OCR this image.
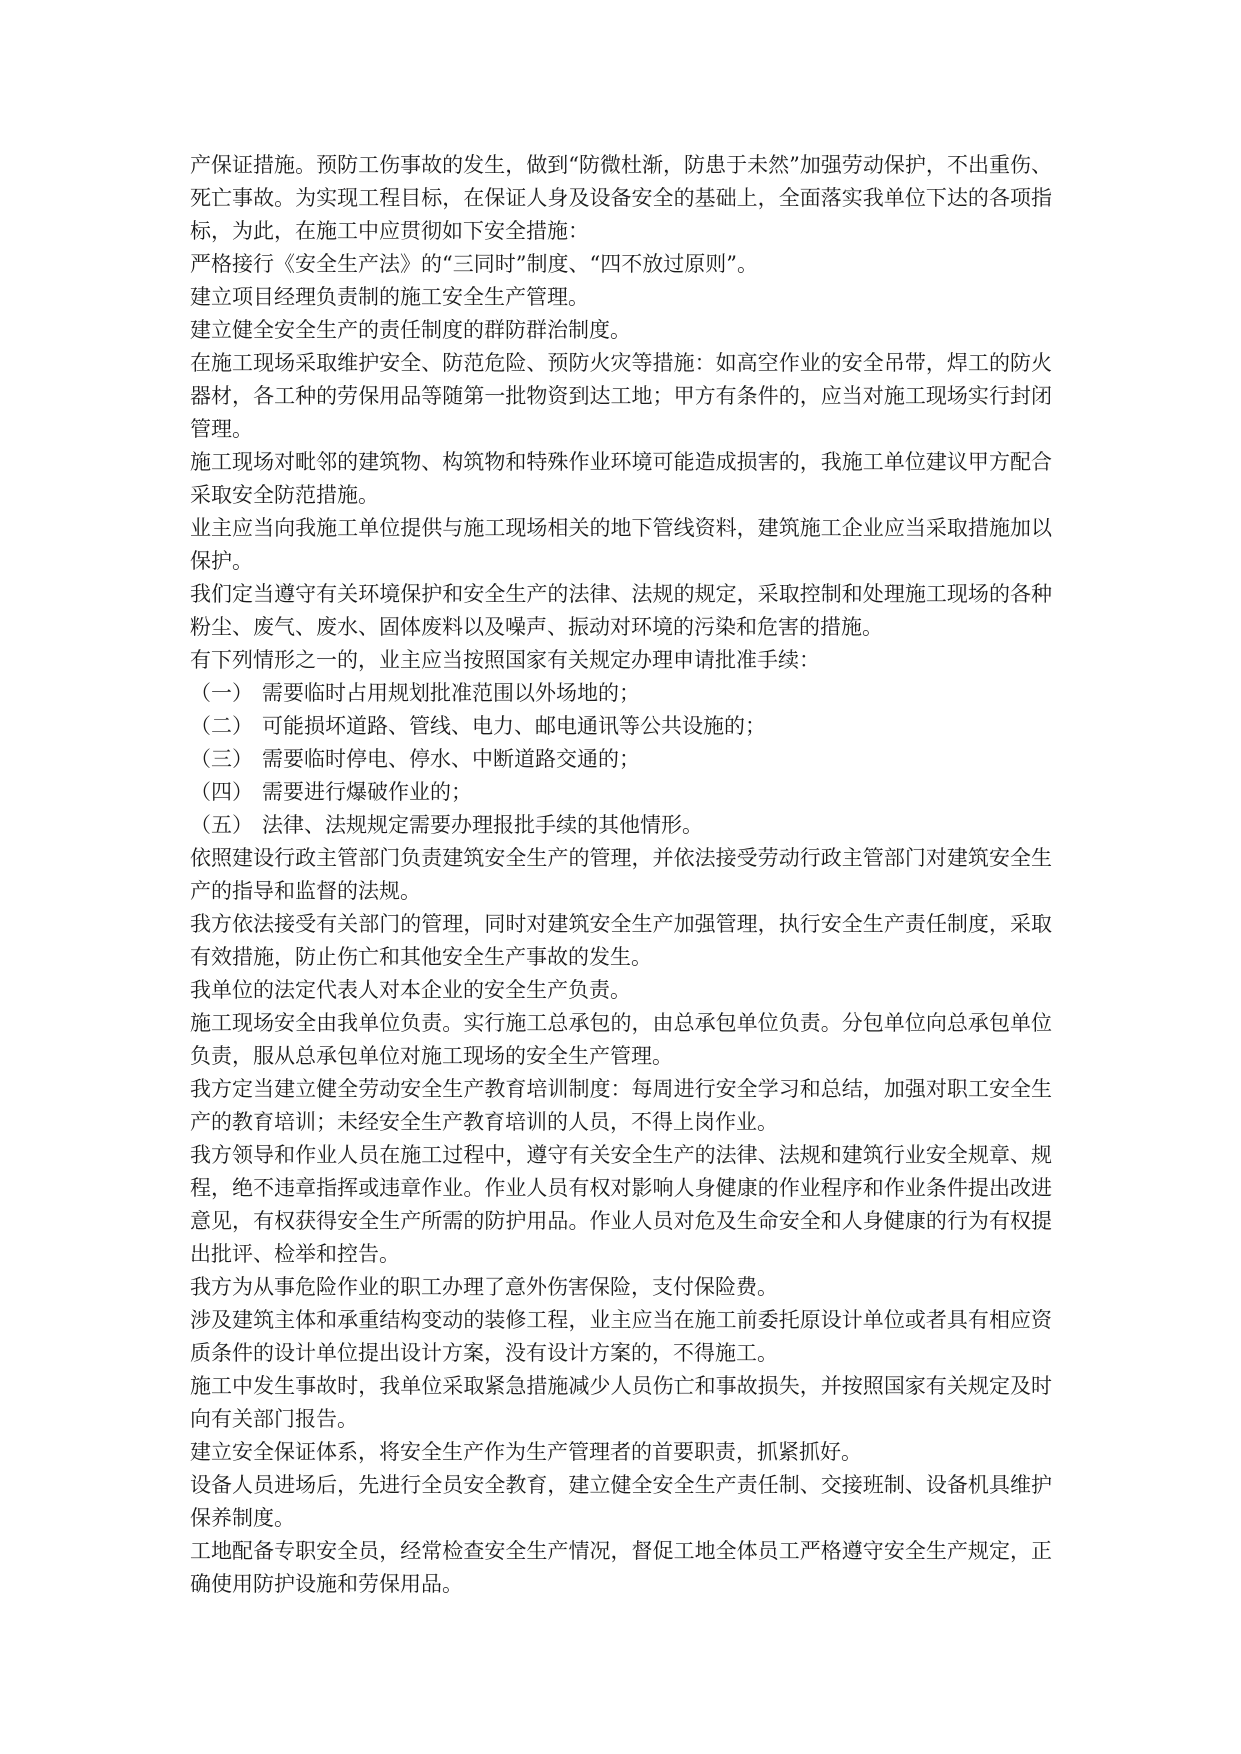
产保证措施。预防工伤事故的发生，做到“防微杜渐，防患于未然”加强劳动保护，不出重伤、死亡事故。为实现工程目标，在保证人身及设备安全的基础上，全面落实我单位下达的各项指标，为此，在施工中应贯彻如下安全措施：

严格接行《安全生产法》的“三同时”制度、“四不放过原则”。

建立项目经理负责制的施工安全生产管理。

建立健全安全生产的责任制度的群防群治制度。

在施工现场采取维护安全、防范危险、预防火灾等措施：如高空作业的安全吊带，焊工的防火器材，各工种的劳保用品等随第一批物资到达工地；甲方有条件的，应当对施工现场实行封闭管理。

施工现场对毗邻的建筑物、构筑物和特殊作业环境可能造成损害的，我施工单位建议甲方配合采取安全防范措施。

业主应当向我施工单位提供与施工现场相关的地下管线资料，建筑施工企业应当采取措施加以保护。

我们定当遵守有关环境保护和安全生产的法律、法规的规定，采取控制和处理施工现场的各种粉尘、废气、废水、固体废料以及噪声、振动对环境的污染和危害的措施。

有下列情形之一的，业主应当按照国家有关规定办理申请批准手续：

（一） 需要临时占用规划批准范围以外场地的；
（二） 可能损坏道路、管线、电力、邮电通讯等公共设施的；
（三） 需要临时停电、停水、中断道路交通的；
（四） 需要进行爆破作业的；
（五） 法律、法规规定需要办理报批手续的其他情形。

依照建设行政主管部门负责建筑安全生产的管理，并依法接受劳动行政主管部门对建筑安全生产的指导和监督的法规。

我方依法接受有关部门的管理，同时对建筑安全生产加强管理，执行安全生产责任制度，采取有效措施，防止伤亡和其他安全生产事故的发生。

我单位的法定代表人对本企业的安全生产负责。

施工现场安全由我单位负责。实行施工总承包的，由总承包单位负责。分包单位向总承包单位负责，服从总承包单位对施工现场的安全生产管理。

我方定当建立健全劳动安全生产教育培训制度：每周进行安全学习和总结，加强对职工安全生产的教育培训；未经安全生产教育培训的人员，不得上岗作业。

我方领导和作业人员在施工过程中，遵守有关安全生产的法律、法规和建筑行业安全规章、规程，绝不违章指挥或违章作业。作业人员有权对影响人身健康的作业程序和作业条件提出改进意见，有权获得安全生产所需的防护用品。作业人员对危及生命安全和人身健康的行为有权提出批评、检举和控告。

我方为从事危险作业的职工办理了意外伤害保险，支付保险费。

涉及建筑主体和承重结构变动的装修工程，业主应当在施工前委托原设计单位或者具有相应资质条件的设计单位提出设计方案，没有设计方案的，不得施工。

施工中发生事故时，我单位采取紧急措施减少人员伤亡和事故损失，并按照国家有关规定及时向有关部门报告。

建立安全保证体系，将安全生产作为生产管理者的首要职责，抓紧抓好。

设备人员进场后，先进行全员安全教育，建立健全安全生产责任制、交接班制、设备机具维护保养制度。

工地配备专职安全员，经常检查安全生产情况，督促工地全体员工严格遵守安全生产规定，正确使用防护设施和劳保用品。
